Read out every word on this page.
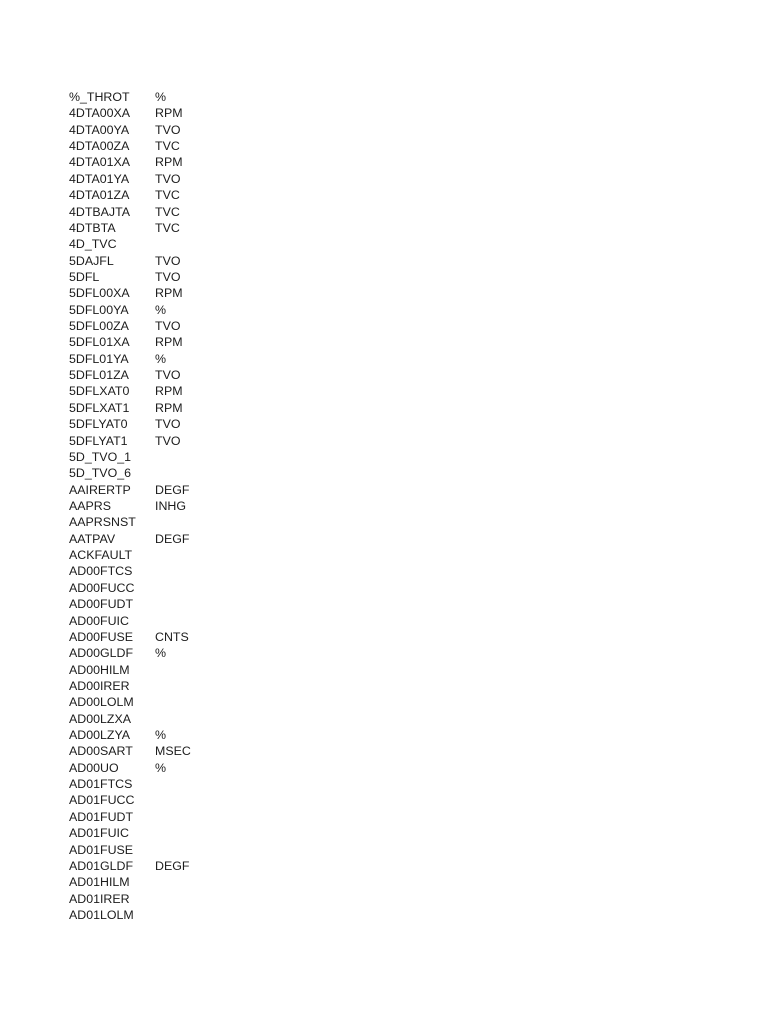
%_THROT	%
4DTA00XA	RPM
4DTA00YA	TVO
4DTA00ZA	TVC
4DTA01XA	RPM
4DTA01YA	TVO
4DTA01ZA	TVC
4DTBAJTA	TVC
4DTBTA	TVC
4D_TVC
5DAJFL	TVO
5DFL	TVO
5DFL00XA	RPM
5DFL00YA	%
5DFL00ZA	TVO
5DFL01XA	RPM
5DFL01YA	%
5DFL01ZA	TVO
5DFLXAT0	RPM
5DFLXAT1	RPM
5DFLYAT0	TVO
5DFLYAT1	TVO
5D_TVO_1
5D_TVO_6
AAIRERTP	DEGF
AAPRS	INHG
AAPRSNST
AATPAV	DEGF
ACKFAULT
AD00FTCS
AD00FUCC
AD00FUDT
AD00FUIC
AD00FUSE	CNTS
AD00GLDF	%
AD00HILM
AD00IRER
AD00LOLM
AD00LZXA
AD00LZYA	%
AD00SART	MSEC
AD00UO	%
AD01FTCS
AD01FUCC
AD01FUDT
AD01FUIC
AD01FUSE
AD01GLDF	DEGF
AD01HILM
AD01IRER
AD01LOLM
